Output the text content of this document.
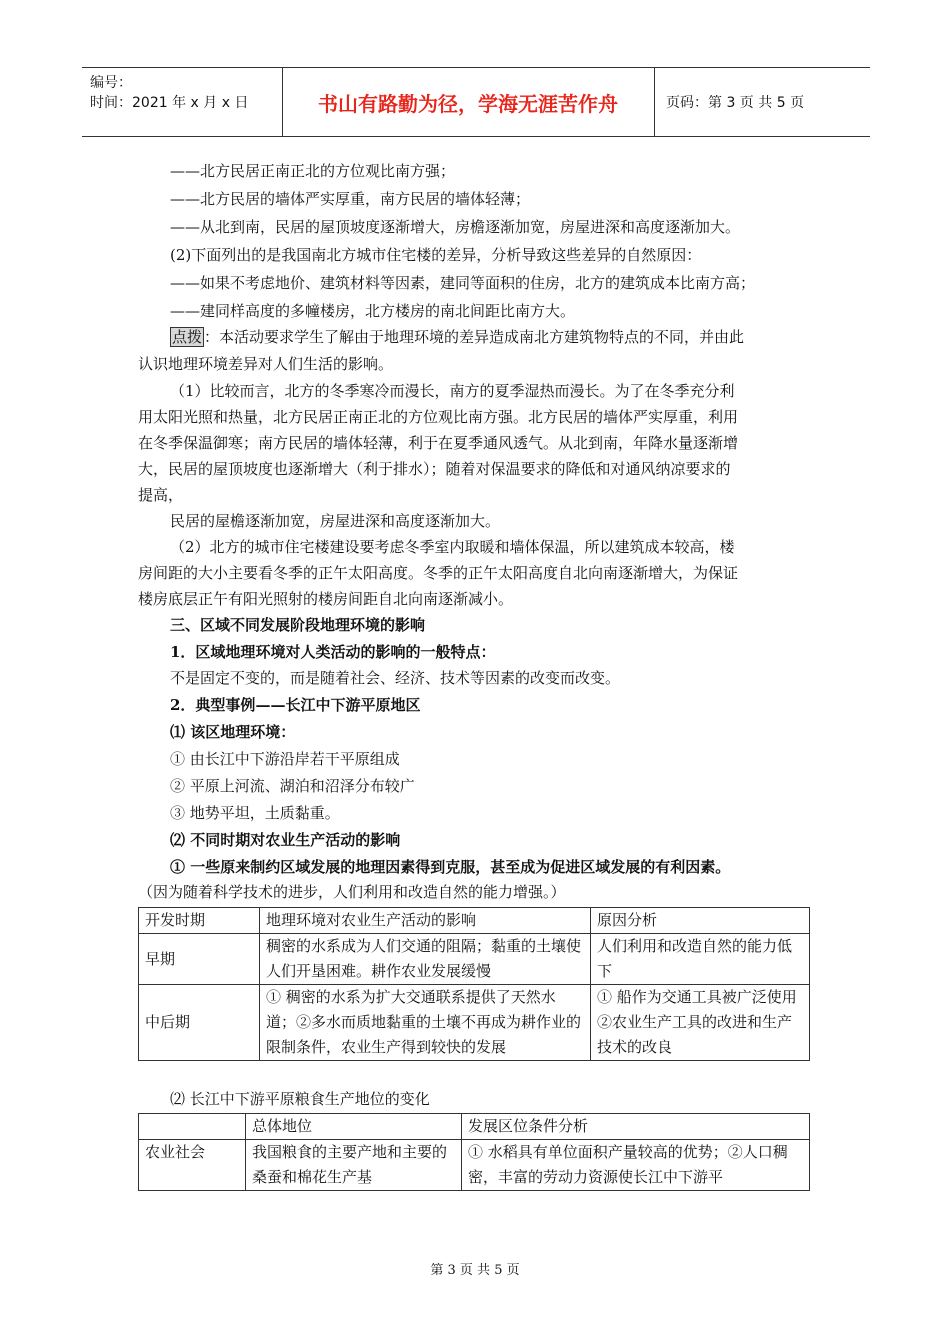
编号：
时间：2021 年 x 月 x 日	书山有路勤为径，学海无涯苦作舟	页码：第 3 页 共 5 页
——北方民居正南正北的方位观比南方强；
——北方民居的墙体严实厚重，南方民居的墙体轻薄；
——从北到南，民居的屋顶坡度逐渐增大，房檐逐渐加宽，房屋进深和高度逐渐加大。
(2)下面列出的是我国南北方城市住宅楼的差异，分析导致这些差异的自然原因：
——如果不考虑地价、建筑材料等因素，建同等面积的住房，北方的建筑成本比南方高；
——建同样高度的多幢楼房，北方楼房的南北间距比南方大。
点拨 ：本活动要求学生了解由于地理环境的差异造成南北方建筑物特点的不同，并由此
认识地理环境差异对人们生活的影响。
（1）比较而言，北方的冬季寒冷而漫长，南方的夏季湿热而漫长。为了在冬季充分利
用太阳光照和热量，北方民居正南正北的方位观比南方强。北方民居的墙体严实厚重，利用
在冬季保温御寒；南方民居的墙体轻薄，利于在夏季通风透气。从北到南，年降水量逐渐增
大，民居的屋顶坡度也逐渐增大（利于排水）；随着对保温要求的降低和对通风纳凉要求的
提高，
民居的屋檐逐渐加宽，房屋进深和高度逐渐加大。
（2）北方的城市住宅楼建设要考虑冬季室内取暖和墙体保温，所以建筑成本较高，楼
房间距的大小主要看冬季的正午太阳高度。冬季的正午太阳高度自北向南逐渐增大，为保证
楼房底层正午有阳光照射的楼房间距自北向南逐渐减小。
三、区域不同发展阶段地理环境的影响
1．区域地理环境对人类活动的影响的一般特点：
不是固定不变的，而是随着社会、经济、技术等因素的改变而改变。
2．典型事例——长江中下游平原地区
⑴ 该区地理环境：
① 由长江中下游沿岸若干平原组成
② 平原上河流、湖泊和沼泽分布较广
③ 地势平坦，土质黏重。
⑵ 不同时期对农业生产活动的影响
① 一些原来制约区域发展的地理因素得到克服，甚至成为促进区域发展的有利因素。
（因为随着科学技术的进步，人们利用和改造自然的能力增强。）
开发时期	地理环境对农业生产活动的影响	原因分析
早期	稠密的水系成为人们交通的阻隔；黏重的土壤使人们开垦困难。耕作农业发展缓慢	人们利用和改造自然的能力低下
中后期	① 稠密的水系为扩大交通联系提供了天然水道；②多水而质地黏重的土壤不再成为耕作业的限制条件，农业生产得到较快的发展	① 船作为交通工具被广泛使用②农业生产工具的改进和生产技术的改良
⑵ 长江中下游平原粮食生产地位的变化
	总体地位	发展区位条件分析
农业社会	我国粮食的主要产地和主要的桑蚕和棉花生产基	① 水稻具有单位面积产量较高的优势；②人口稠密，丰富的劳动力资源使长江中下游平
第 3 页 共 5 页
